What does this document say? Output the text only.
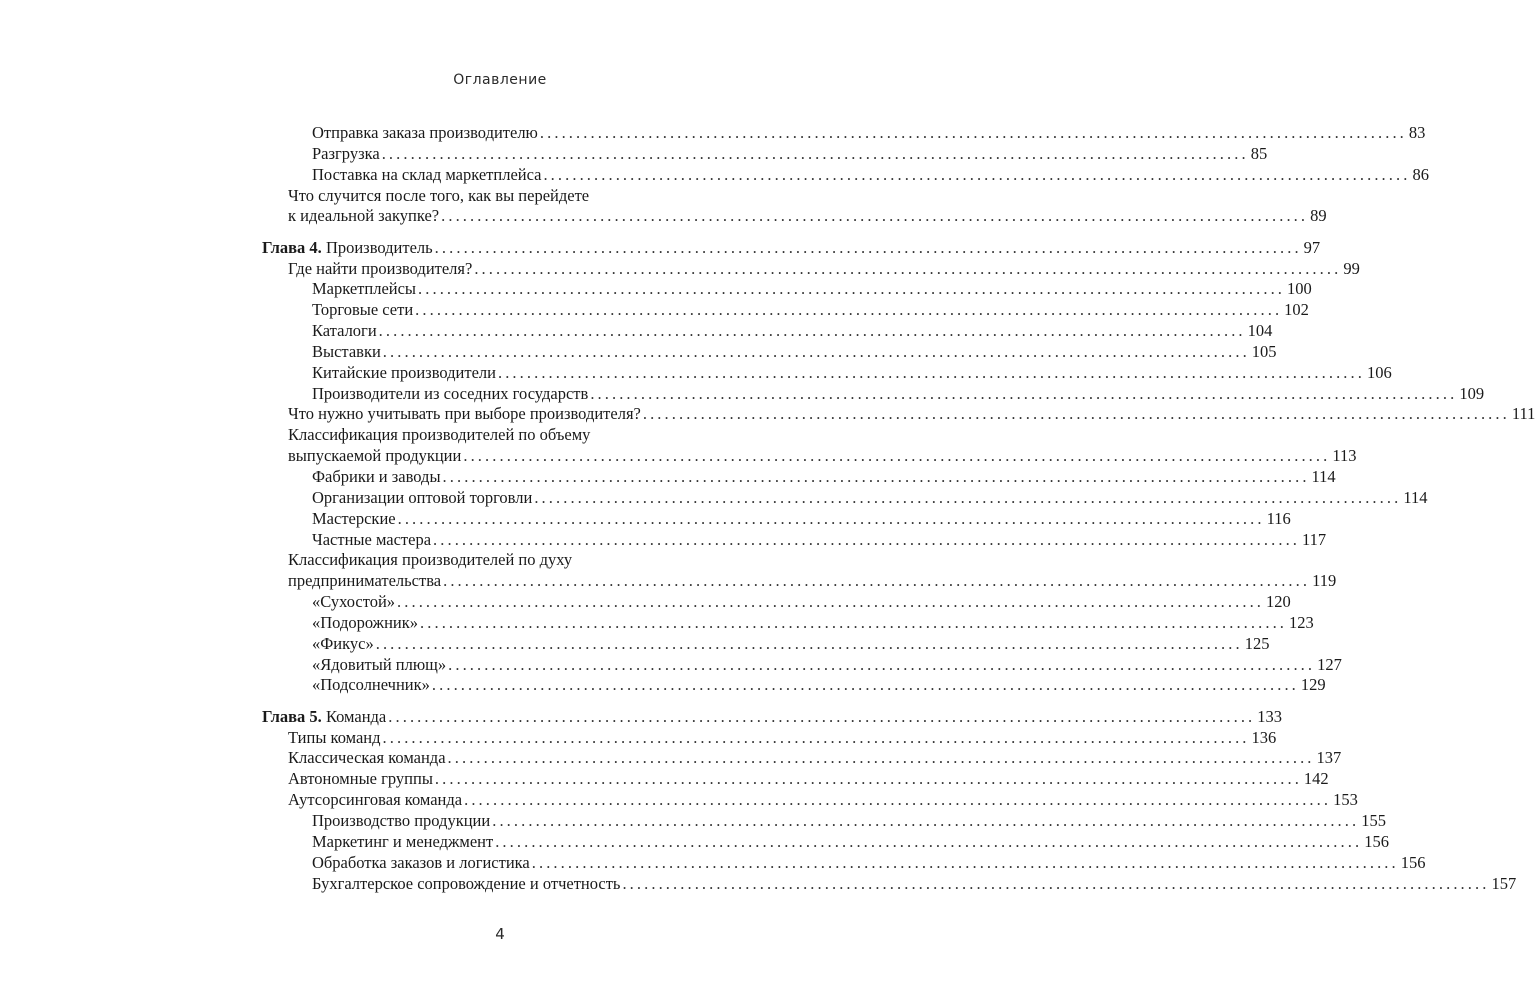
Оглавление
Отправка заказа производителю ........................................................................................................................ 83
Разгрузка ........................................................................................................................ 85
Поставка на склад маркетплейса ........................................................................................................................ 86
Что случится после того, как вы перейдете
к идеальной закупке? ........................................................................................................................ 89
Глава 4. Производитель ........................................................................................................................ 97
Где найти производителя? ........................................................................................................................ 99
Маркетплейсы ........................................................................................................................ 100
Торговые сети ........................................................................................................................ 102
Каталоги ........................................................................................................................ 104
Выставки ........................................................................................................................ 105
Китайские производители ........................................................................................................................ 106
Производители из соседних государств ........................................................................................................................ 109
Что нужно учитывать при выборе производителя? ........................................................................................................................ 111
Классификация производителей по объему
выпускаемой продукции ........................................................................................................................ 113
Фабрики и заводы ........................................................................................................................ 114
Организации оптовой торговли ........................................................................................................................ 114
Мастерские ........................................................................................................................ 116
Частные мастера ........................................................................................................................ 117
Классификация производителей по духу
предпринимательства ........................................................................................................................ 119
«Сухостой» ........................................................................................................................ 120
«Подорожник» ........................................................................................................................ 123
«Фикус» ........................................................................................................................ 125
«Ядовитый плющ» ........................................................................................................................ 127
«Подсолнечник» ........................................................................................................................ 129
Глава 5. Команда ........................................................................................................................ 133
Типы команд ........................................................................................................................ 136
Классическая команда ........................................................................................................................ 137
Автономные группы ........................................................................................................................ 142
Аутсорсинговая команда ........................................................................................................................ 153
Производство продукции ........................................................................................................................ 155
Маркетинг и менеджмент ........................................................................................................................ 156
Обработка заказов и логистика ........................................................................................................................ 156
Бухгалтерское сопровождение и отчетность ........................................................................................................................ 157
4
